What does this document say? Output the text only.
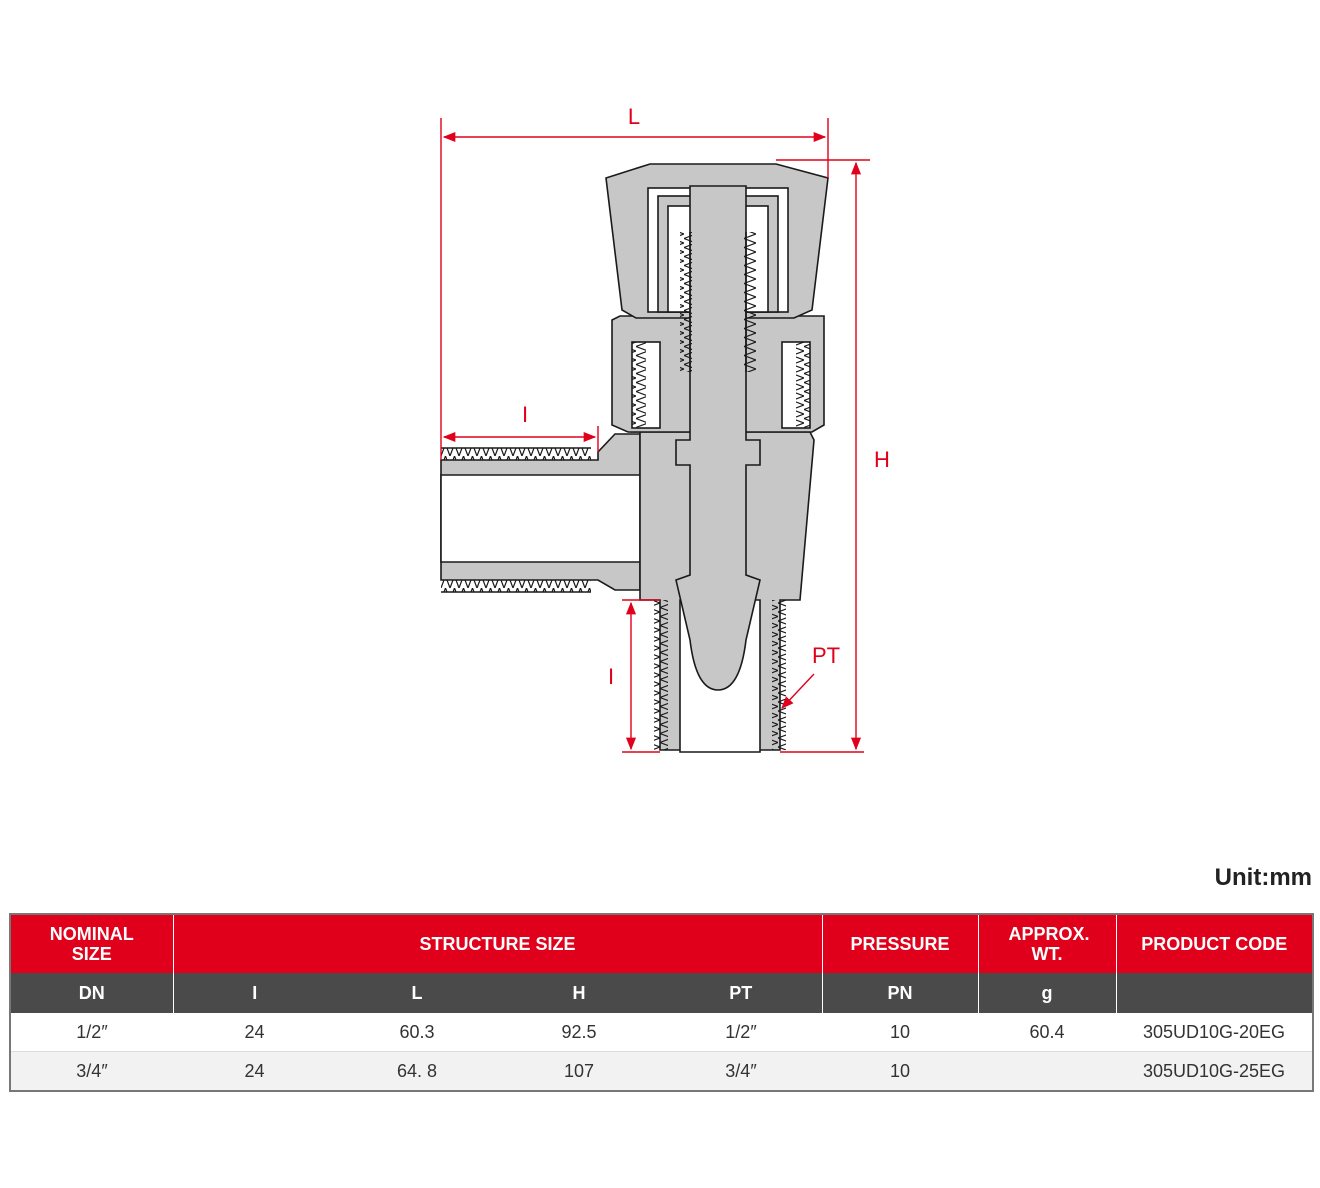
L
H
I
I
PT
Unit:mm
NOMINAL SIZE	STRUCTURE SIZE				PRESSURE	APPROX. WT.	PRODUCT CODE
DN	I	L	H	PT	PN	g	
1/2″	24	60.3	92.5	1/2″	10	60.4	305UD10G-20EG
3/4″	24	64. 8	107	3/4″	10		305UD10G-25EG
